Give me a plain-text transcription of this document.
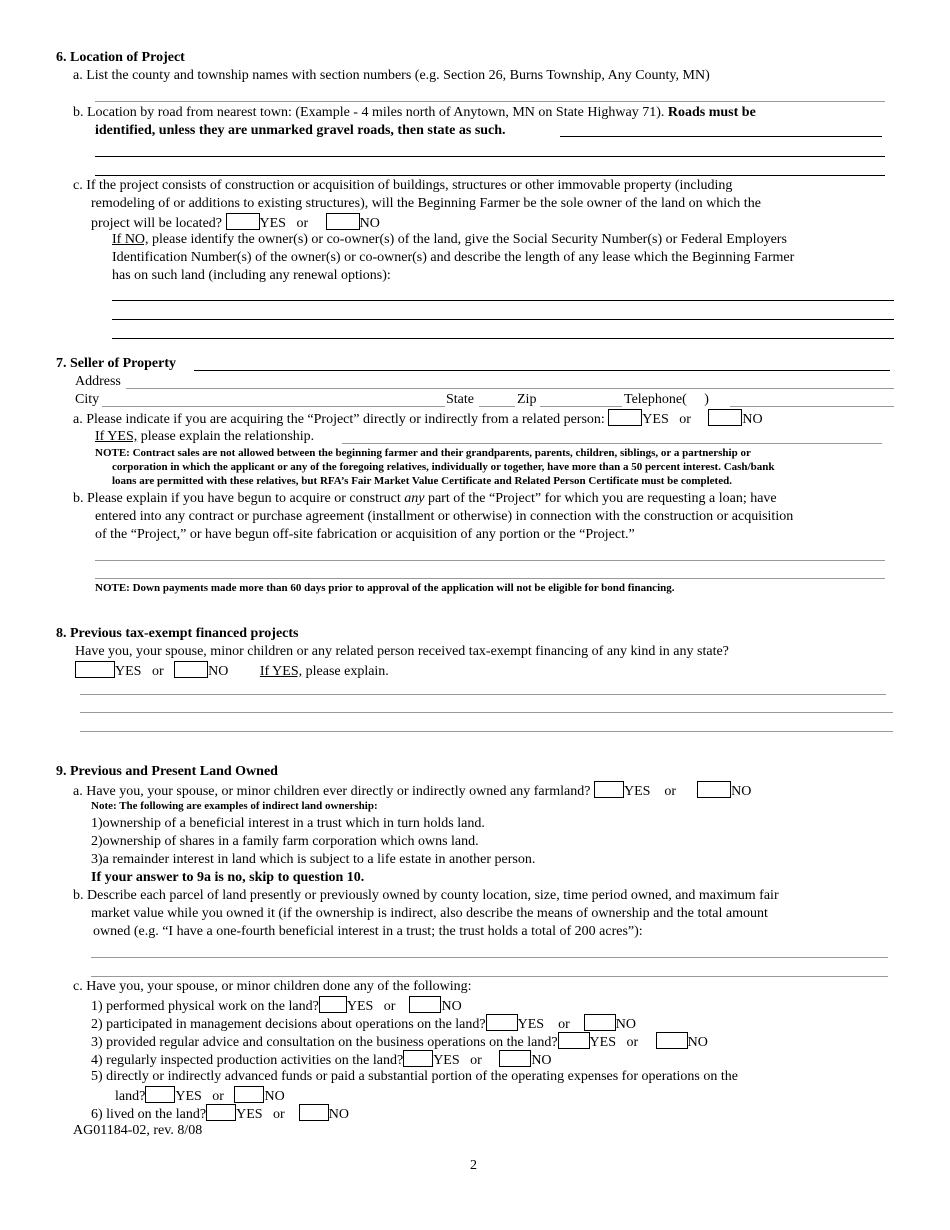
6. Location of Project
a. List the county and township names with section numbers (e.g. Section 26, Burns Township, Any County, MN)
b. Location by road from nearest town: (Example - 4 miles north of Anytown, MN on State Highway 71). Roads must be
identified, unless they are unmarked gravel roads, then state as such.
c. If the project consists of construction or acquisition of buildings, structures or other immovable property (including
remodeling of or additions to existing structures), will the Beginning Farmer be the sole owner of the land on which the
project will be located?	YES or	NO
If NO, please identify the owner(s) or co-owner(s) of the land, give the Social Security Number(s) or Federal Employers
Identification Number(s) of the owner(s) or co-owner(s) and describe the length of any lease which the Beginning Farmer
has on such land (including any renewal options):
7. Seller of Property
Address
City	State	Zip	Telephone( )
a. Please indicate if you are acquiring the “Project” directly or indirectly from a related person:	YES or	NO
If YES, please explain the relationship.
NOTE: Contract sales are not allowed between the beginning farmer and their grandparents, parents, children, siblings, or a partnership or
corporation in which the applicant or any of the foregoing relatives, individually or together, have more than a 50 percent interest. Cash/bank
loans are permitted with these relatives, but RFA’s Fair Market Value Certificate and Related Person Certificate must be completed.
b. Please explain if you have begun to acquire or construct any part of the “Project” for which you are requesting a loan; have
entered into any contract or purchase agreement (installment or otherwise) in connection with the construction or acquisition
of the “Project,” or have begun off-site fabrication or acquisition of any portion or the “Project.”
NOTE: Down payments made more than 60 days prior to approval of the application will not be eligible for bond financing.
8. Previous tax-exempt financed projects
Have you, your spouse, minor children or any related person received tax-exempt financing of any kind in any state?
YES or	NO If YES, please explain.
9. Previous and Present Land Owned
a. Have you, your spouse, or minor children ever directly or indirectly owned any farmland? YES or	NO
Note: The following are examples of indirect land ownership:
1)ownership of a beneficial interest in a trust which in turn holds land.
2)ownership of shares in a family farm corporation which owns land.
3)a remainder interest in land which is subject to a life estate in another person.
If your answer to 9a is no, skip to question 10.
b. Describe each parcel of land presently or previously owned by county location, size, time period owned, and maximum fair
market value while you owned it (if the ownership is indirect, also describe the means of ownership and the total amount
owned (e.g. “I have a one-fourth beneficial interest in a trust; the trust holds a total of 200 acres”):
c. Have you, your spouse, or minor children done any of the following:
1) performed physical work on the land? YES or	NO
2) participated in management decisions about operations on the land? YES or	NO
3) provided regular advice and consultation on the business operations on the land? YES or	NO
4) regularly inspected production activities on the land? YES or	NO
5) directly or indirectly advanced funds or paid a substantial portion of the operating expenses for operations on the
land? YES or	NO
6) lived on the land? YES or	NO
AG01184-02, rev. 8/08
2
